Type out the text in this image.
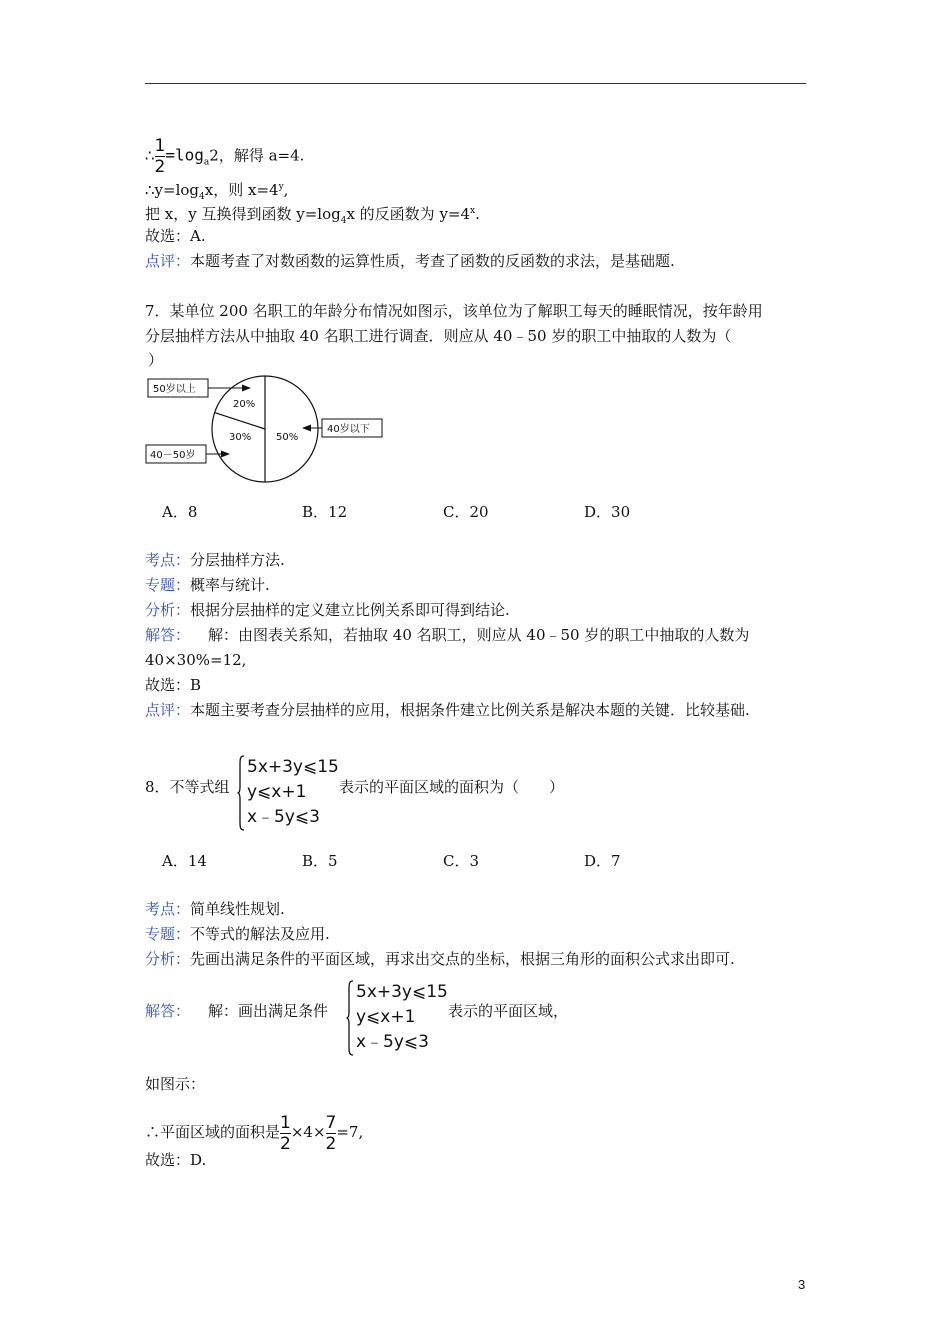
∴ $\frac{1}{2} =\log_a2$，解得 a=4.
$\therefore y=\log_4x$，则 $x=4^y$,
把 x，y 互换得到函数 $y=\log_4x$ 的反函数为 $y=4^x$.
故选：A.
点评：本题考查了对数函数的运算性质，考查了函数的反函数的求法，是基础题.
7．某单位 200 名职工的年龄分布情况如图示，该单位为了解职工每天的睡眠情况，按年龄用
分层抽样方法从中抽取 40 名职工进行调查．则应从 40﹣50 岁的职工中抽取的人数为（
）
20%
30% 50%
50岁以上
40－50岁
40岁以下
A．8	B．12	C．20	D．30
考点：分层抽样方法.
专题：概率与统计.
分析：根据分层抽样的定义建立比例关系即可得到结论.
解答： 解：由图表关系知，若抽取 40 名职工，则应从 40﹣50 岁的职工中抽取的人数为
40×30%=12,
故选：B
点评：本题主要考查分层抽样的应用，根据条件建立比例关系是解决本题的关键．比较基础.
8．不等式组
5x+3y⩽15
y⩽x+1
x﹣5y⩽3
表示的平面区域的面积为（　　）
A．14	B．5	C．3	D．7
考点：简单线性规划.
专题：不等式的解法及应用.
分析：先画出满足条件的平面区域，再求出交点的坐标，根据三角形的面积公式求出即可.
解答： 解：画出满足条件
5x+3y⩽15
y⩽x+1
x﹣5y⩽3
表示的平面区域，
如图示：
∴平面区域的面积是 $\frac{1}{2} \times 4\times \frac{7}{2} =7$,
故选：D.
3
